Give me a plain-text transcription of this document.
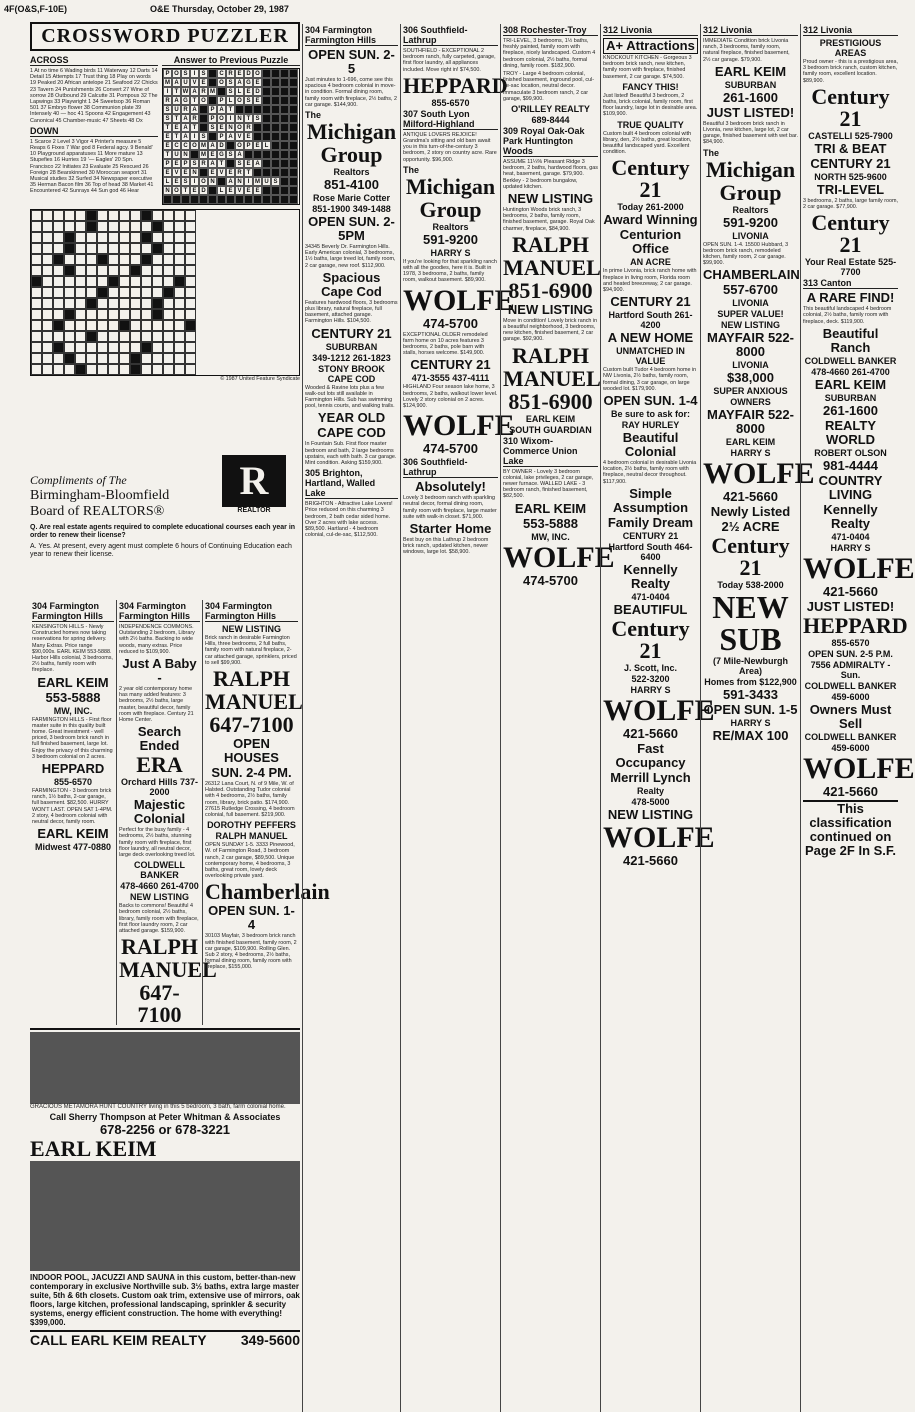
4F(O&S,F-10E)	O&E Thursday, October 29, 1987
CROSSWORD PUZZLER
ACROSS
1 At no time 6 Wading birds 11 Waterway 12 Darts 14 Detail 15 Attempts 17 Trust thing 18 Play on words 19 Peaked 20 African antelope 21 Seafood 22 Chicks 23 Tavern 24 Punishments 26 Convert 27 Wine of sorrow 28 Outbound 29 Calcutte 31 Pompous 32 The Lapwings 33 Playwright 1 34 Sweetsop 36 Roman 501 37 Embryo flower 38 Communion plate 39 Intensely 40 — hoc 41 Spoons 42 Engagement 43 Canonical 45 Chamber-music 47 Sheets 48 Ox
DOWN
1 Scarce 2 Level 3 Vigor 4 Printer's measure 5 Reaps 6 Fixes 7 War god 8 Federal agcy. 9 Benald' 10 Playground apparatuses 11 More mature 13 Stupefies 16 Hurries 19 '— Eagles' 20 Spn. Francisco 22 Initiates 23 Evaluate 25 Rescued 26 Foreign 28 Bearskinned 30 Moroccan seaport 31 Musical studies 32 Surfed 34 Newspaper executive 35 Herman Bacon film 36 Top of head 38 Market 41 Encountered 42 Sunrays 44 Sun god 46 Hear
Answer to Previous Puzzle
P O S	I	S	C R E D O
M A U V E	O S A G E
I	T W A R M	S L E D
R A G T O	P L O S E
S U R A	P A T
S T A R	P O I	N T S
T E A T	S E N O R
E T A I	S	P A V E
E C C O M A D	O P E L
T U N	M E G S A
P E P S R A T	S E A
E V E N	E V E R T
L E S	I O N	A N I M U S
N O T E D	L E V E E
© 1987 United Feature Syndicate
Compliments of The
Birmingham-Bloomfield
Board of REALTORS®
R
REALTOR
Q. Are real estate agents required to complete educational courses each year in order to renew their license?
A. Yes. At present, every agent must complete 6 hours of Continuing Education each year to renew their license.
304 Farmington Farmington Hills
KENSINGTON HILLS - Newly Constructed homes now taking reservations for spring delivery. Many Extras. Price range $90,000s. EARL KEIM 553-5888. Harbor Hills colonial, 3 bedrooms, 2½ baths, family room with fireplace.
EARL KEIM
553-5888
MW, INC.
FARMINGTON HILLS - First floor master suite in this quality built home. Great investment - well priced, 3 bedroom brick ranch in full finished basement, large lot. Enjoy the privacy of this charming 3 bedroom colonial on 2 acres.
HEPPARD
855-6570
FARMINGTON - 3 bedroom brick ranch, 1½ baths, 2-car garage, full basement. $82,500. HURRY WON'T LAST. OPEN SAT 1-4PM. 2 story, 4 bedroom colonial with neutral decor, family room.
EARL KEIM
Midwest 477-0880
304 Farmington Farmington Hills
INDEPENDENCE COMMONS. Outstanding 2 bedroom, Library with 2½ baths. Backing to wide woods, many extras. Price reduced to $109,900.
Just A Baby -
2 year old contemporary home has many added features: 3 bedrooms, 2½ baths, large master, beautiful decor, family room with fireplace. Century 21 Home Center.
Search Ended
ERA
Orchard Hills 737-2000
Majestic Colonial
Perfect for the busy family - 4 bedrooms, 2½ baths, stunning family room with fireplace, first floor laundry, all neutral decor, large deck overlooking treed lot.
COLDWELL BANKER
478-4660 261-4700
NEW LISTING
Backs to commons! Beautiful 4 bedroom colonial, 2½ baths, library, family room with fireplace, first floor laundry room, 2 car attached garage. $159,900.
RALPH
MANUEL
647-7100
304 Farmington Farmington Hills
NEW LISTING
Brick ranch in desirable Farmington Hills, three bedrooms, 2 full baths, family room with natural fireplace, 2-car attached garage, sprinklers, priced to sell $99,900.
RALPH
MANUEL
647-7100
OPEN HOUSES
SUN. 2-4 PM.
26312 Lana Court, N. of 9 Mile, W. of Halsted. Outstanding Tudor colonial with 4 bedrooms, 2½ baths, family room, library, brick patio. $174,900. 27615 Rutledge Crossing, 4 bedroom colonial, full basement. $219,900.
DOROTHY PEFFERS
RALPH MANUEL
OPEN SUNDAY 1-5. 3333 Pinewood, W. of Farmington Road, 3 bedroom ranch, 2 car garage, $89,500. Unique contemporary home, 4 bedrooms, 3 baths, great room, lovely deck overlooking private yard.
Chamberlain
OPEN SUN. 1-4
30103 Mayfair, 3 bedroom brick ranch with finished basement, family room, 2 car garage, $109,900. Rolling Glen. Sub 2 story, 4 bedrooms, 2½ baths, formal dining room, family room with fireplace, $155,000.
304 Farmington Farmington Hills
OPEN SUN. 2-5
Just minutes to 1-696, come see this spacious 4 bedroom colonial in move-in condition. Formal dining room, family room with fireplace, 2½ baths, 2 car garage. $144,900.
The
Michigan
Group
Realtors
851-4100
Rose Marie Cotter
851-1900 349-1488
OPEN SUN. 2-5PM
34345 Beverly Dr. Farmington Hills. Early American colonial, 3 bedrooms, 1½ baths, large treed lot, family room, 2 car garage, new roof. $112,900.
Spacious Cape Cod
Features hardwood floors, 3 bedrooms plus library, natural fireplace, full basement, attached garage. Farmington Hills. $104,500.
CENTURY 21
SUBURBAN
349-1212 261-1823
STONY BROOK CAPE COD
Wooded & Ravine lots plus a few walk-out lots still available in Farmington Hills. Sub has swimming pool, tennis courts, and walking trails.
YEAR OLD
CAPE COD
In Fountain Sub. First floor master bedroom and bath, 2 large bedrooms upstairs, each with bath. 3 car garage. Mint condition. Asking $159,900.
305 Brighton, Hartland, Walled Lake
BRIGHTON - Attractive Lake Lovers! Price reduced on this charming 3 bedroom, 2 bath cedar sided home. Over 2 acres with lake access. $89,500. Hartland - 4 bedroom colonial, cul-de-sac, $112,500.
306 Southfield-Lathrup
SOUTHFIELD - EXCEPTIONAL 2 bedroom ranch, fully carpeted, garage, first floor laundry, all appliances included. Move right in! $74,500.
HEPPARD
855-6570
307 South Lyon Milford-Highland
ANTIQUE LOVERS REJOICE! Grandma's sitting and old barn await you in this turn-of-the-century 3 bedroom, 2 story on country acre. Rare opportunity. $96,900.
The
Michigan
Group
Realtors
591-9200
HARRY S
If you're looking for that sparkling ranch with all the goodies, here it is. Built in 1978, 3 bedrooms, 2 baths, family room, walkout basement. $89,900.
WOLFE
474-5700
EXCEPTIONAL OLDER remodeled farm home on 10 acres features 3 bedrooms, 2 baths, pole barn with stalls, horses welcome. $149,900.
CENTURY 21
471-3555 437-4111
HIGHLAND Four season lake home, 3 bedrooms, 2 baths, walkout lower level. Lovely 2 story colonial on 2 acres. $124,900.
WOLFE
474-5700
306 Southfield-Lathrup
Absolutely!
Lovely 3 bedroom ranch with sparkling neutral decor, formal dining room, family room with fireplace, large master suite with walk-in closet. $71,900.
Starter Home
Best buy on this Lathrup 2 bedroom brick ranch, updated kitchen, newer windows, large lot. $58,900.
308 Rochester-Troy
TRI-LEVEL, 3 bedrooms, 1½ baths, freshly painted, family room with fireplace, nicely landscaped. Custom 4 bedroom colonial, 2½ baths, formal dining, family room. $182,900.
TROY - Large 4 bedroom colonial, finished basement, inground pool, cul-de-sac location, neutral decor. Immaculate 3 bedroom ranch, 2 car garage, $99,900.
O'RILLEY REALTY
689-8444
309 Royal Oak-Oak Park Huntington Woods
ASSUME 11¼% Pleasant Ridge 3 bedroom, 2 baths, hardwood floors, gas heat, basement, garage. $79,900. Berkley - 2 bedroom bungalow, updated kitchen.
NEW LISTING
Huntington Woods brick ranch, 3 bedrooms, 2 baths, family room, finished basement, garage. Royal Oak charmer, fireplace, $84,900.
RALPH
MANUEL
851-6900
NEW LISTING
Move in condition! Lovely brick ranch in a beautiful neighborhood, 3 bedrooms, new kitchen, finished basement, 2 car garage. $92,900.
RALPH
MANUEL
851-6900
EARL KEIM
SOUTH GUARDIAN
310 Wixom-Commerce Union Lake
BY OWNER - Lovely 3 bedroom colonial, lake privileges, 2 car garage, newer furnace. WALLED LAKE - 3 bedroom ranch, finished basement, $82,500.
EARL KEIM
553-5888
MW, INC.
WOLFE
474-5700
312 Livonia
A+ Attractions
KNOCKOUT KITCHEN - Gorgeous 3 bedroom brick ranch, new kitchen, family room with fireplace, finished basement, 2 car garage. $74,500.
FANCY THIS!
Just listed! Beautiful 3 bedroom, 2 baths, brick colonial, family room, first floor laundry, large lot in desirable area. $109,900.
TRUE QUALITY
Custom built 4 bedroom colonial with library, den, 2½ baths, great location, beautiful landscaped yard. Excellent condition.
Century 21
Today 261-2000
Award Winning
Centurion Office
AN ACRE
In prime Livonia, brick ranch home with fireplace in living room, Florida room and heated breezeway, 2 car garage. $94,900.
CENTURY 21
Hartford South 261-4200
A NEW HOME
UNMATCHED IN VALUE
Custom built Tudor 4 bedroom home in NW Livonia, 2½ baths, family room, formal dining, 3 car garage, on large wooded lot. $179,900.
OPEN SUN. 1-4
Be sure to ask for:
RAY HURLEY
Beautiful Colonial
4 bedroom colonial in desirable Livonia location, 2½ baths, family room with fireplace, neutral decor throughout. $117,900.
Simple Assumption
Family Dream
CENTURY 21
Hartford South 464-6400
Kennelly Realty
471-0404
BEAUTIFUL
Century 21
J. Scott, Inc.
522-3200
HARRY S
WOLFE
421-5660
Fast Occupancy
Merrill Lynch
Realty
478-5000
NEW LISTING
WOLFE
421-5660
312 Livonia
IMMEDIATE Condition brick Livonia ranch, 3 bedrooms, family room, natural fireplace, finished basement, 2½ car garage. $79,900.
EARL KEIM
SUBURBAN
261-1600
JUST LISTED!
Beautiful 3 bedroom brick ranch in Livonia, new kitchen, large lot, 2 car garage, finished basement with wet bar. $84,900.
The
Michigan
Group
Realtors
591-9200
LIVONIA
OPEN SUN. 1-4. 15500 Hubbard, 3 bedroom brick ranch, remodeled kitchen, family room, 2 car garage. $99,900.
CHAMBERLAIN
557-6700
LIVONIA
SUPER VALUE!
NEW LISTING
MAYFAIR 522-8000
LIVONIA
$38,000
SUPER ANXIOUS
OWNERS
MAYFAIR 522-8000
EARL KEIM
HARRY S
WOLFE
421-5660
Newly Listed
2½ ACRE
Century 21
Today 538-2000
NEW SUB
(7 Mile-Newburgh Area)
Homes from $122,900
591-3433
OPEN SUN. 1-5
HARRY S
RE/MAX 100
312 Livonia
PRESTIGIOUS AREAS
Proud owner - this is a prestigious area, 3 bedroom brick ranch, custom kitchen, family room, excellent location. $89,900.
Century 21
CASTELLI 525-7900
TRI & BEAT
CENTURY 21
NORTH 525-9600
TRI-LEVEL
3 bedrooms, 2 baths, large family room, 2 car garage. $77,900.
Century 21
Your Real Estate 525-7700
313 Canton
A RARE FIND!
This beautiful landscaped 4 bedroom colonial, 2½ baths, family room with fireplace, deck. $119,900.
Beautiful Ranch
COLDWELL BANKER
478-4660 261-4700
EARL KEIM
SUBURBAN
261-1600
REALTY WORLD
ROBERT OLSON
981-4444
COUNTRY LIVING
Kennelly Realty
471-0404
HARRY S
WOLFE
421-5660
JUST LISTED!
HEPPARD
855-6570
OPEN SUN. 2-5 P.M.
7556 ADMIRALTY - Sun.
COLDWELL BANKER
459-6000
Owners Must Sell
COLDWELL BANKER
459-6000
WOLFE
421-5660
This classification continued on Page 2F In S.F.
GRACIOUS METAMORA HUNT COUNTRY living in this 5 bedroom, 3 bath, farm colonial home.
Call Sherry Thompson at Peter Whitman & Associates
678-2256 or 678-3221
EARL KEIM
INDOOR POOL, JACUZZI AND SAUNA in this custom, better-than-new contemporary in exclusive Northville sub. 3½ baths, extra large master suite, 5th & 6th closets. Custom oak trim, extensive use of mirrors, oak floors, large kitchen, professional landscaping, sprinkler & security systems, energy efficient construction. The home with everything! $399,000.
CALL EARL KEIM REALTY 349-5600
